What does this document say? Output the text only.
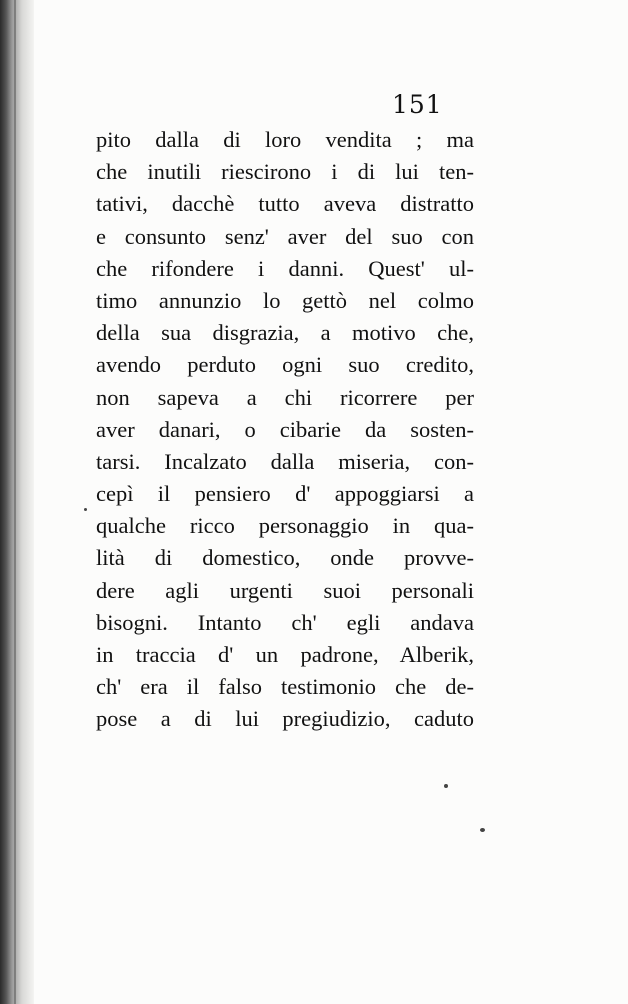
151
pito dalla di loro vendita ; ma
che inutili riescirono i di lui ten-
tativi, dacchè tutto aveva distratto
e consunto senz' aver del suo con
che rifondere i danni. Quest' ul-
timo annunzio lo gettò nel colmo
della sua disgrazia, a motivo che,
avendo perduto ogni suo credito,
non sapeva a chi ricorrere per
aver danari, o cibarie da sosten-
tarsi. Incalzato dalla miseria, con-
cepì il pensiero d' appoggiarsi a
qualche ricco personaggio in qua-
lità di domestico, onde provve-
dere agli urgenti suoi personali
bisogni. Intanto ch' egli andava
in traccia d' un padrone, Alberik,
ch' era il falso testimonio che de-
pose a di lui pregiudizio, caduto
